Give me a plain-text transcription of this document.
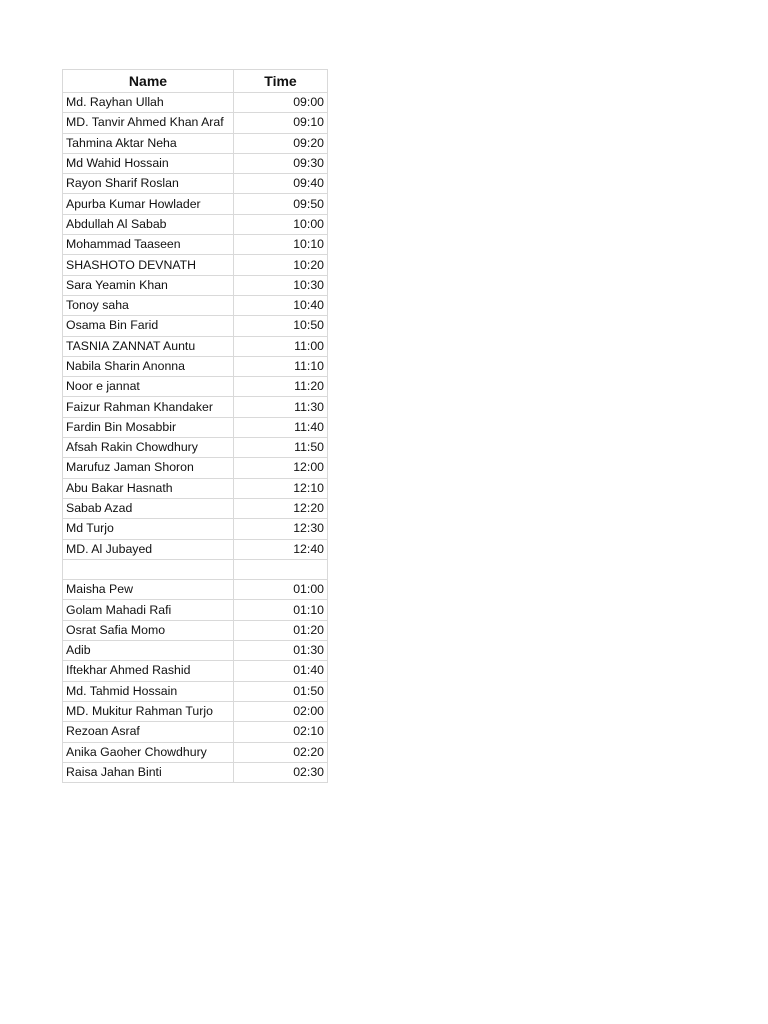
Name	Time
Md. Rayhan Ullah	09:00
MD. Tanvir Ahmed Khan Araf	09:10
Tahmina Aktar Neha	09:20
Md Wahid Hossain	09:30
Rayon Sharif Roslan	09:40
Apurba Kumar Howlader	09:50
Abdullah Al Sabab	10:00
Mohammad Taaseen	10:10
SHASHOTO DEVNATH	10:20
Sara Yeamin Khan	10:30
Tonoy saha	10:40
Osama Bin Farid	10:50
TASNIA ZANNAT Auntu	11:00
Nabila Sharin Anonna	11:10
Noor e jannat	11:20
Faizur Rahman Khandaker	11:30
Fardin Bin Mosabbir	11:40
Afsah Rakin Chowdhury	11:50
Marufuz Jaman Shoron	12:00
Abu Bakar Hasnath	12:10
Sabab Azad	12:20
Md Turjo	12:30
MD. Al Jubayed	12:40

Maisha Pew	01:00
Golam Mahadi Rafi	01:10
Osrat Safia Momo	01:20
Adib	01:30
Iftekhar Ahmed Rashid	01:40
Md. Tahmid Hossain	01:50
MD. Mukitur Rahman Turjo	02:00
Rezoan Asraf	02:10
Anika Gaoher Chowdhury	02:20
Raisa Jahan Binti	02:30
